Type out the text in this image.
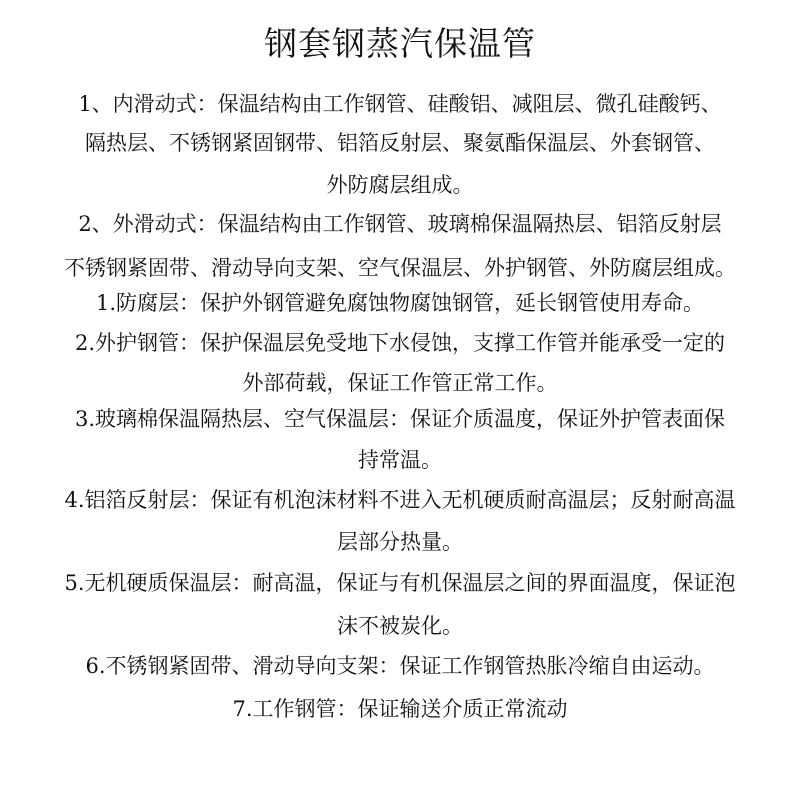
钢套钢蒸汽保温管
1、内滑动式：保温结构由工作钢管、硅酸铝、减阻层、微孔硅酸钙、
隔热层、不锈钢紧固钢带、铝箔反射层、聚氨酯保温层、外套钢管、
外防腐层组成。
2、外滑动式：保温结构由工作钢管、玻璃棉保温隔热层、铝箔反射层
不锈钢紧固带、滑动导向支架、空气保温层、外护钢管、外防腐层组成。
1.防腐层：保护外钢管避免腐蚀物腐蚀钢管，延长钢管使用寿命。
2.外护钢管：保护保温层免受地下水侵蚀，支撑工作管并能承受一定的
外部荷载，保证工作管正常工作。
3.玻璃棉保温隔热层、空气保温层：保证介质温度，保证外护管表面保
持常温。
4.铝箔反射层：保证有机泡沫材料不进入无机硬质耐高温层；反射耐高温
层部分热量。
5.无机硬质保温层：耐高温，保证与有机保温层之间的界面温度，保证泡
沫不被炭化。
6.不锈钢紧固带、滑动导向支架：保证工作钢管热胀冷缩自由运动。
7.工作钢管：保证输送介质正常流动
